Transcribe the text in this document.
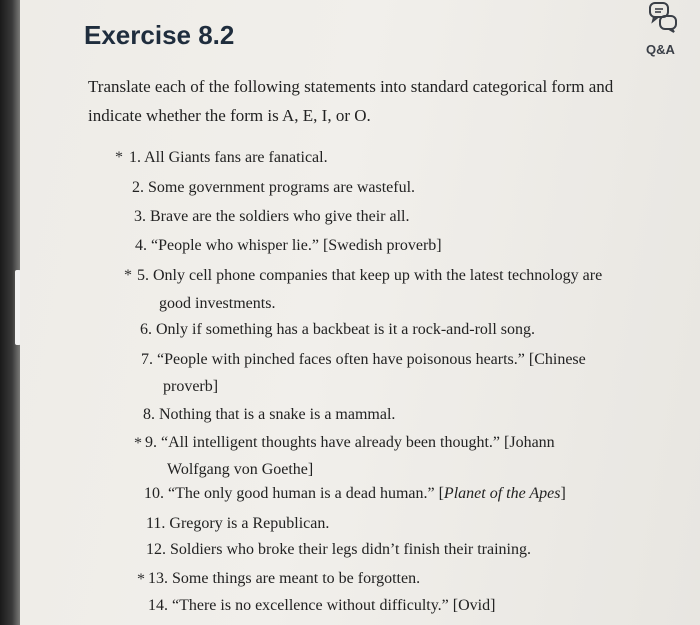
Exercise 8.2	Q&A
Translate each of the following statements into standard categorical form and indicate whether the form is A, E, I, or O.
* 1. All Giants fans are fanatical.
2. Some government programs are wasteful.
3. Brave are the soldiers who give their all.
4. “People who whisper lie.” [Swedish proverb]
* 5. Only cell phone companies that keep up with the latest technology are
good investments.
6. Only if something has a backbeat is it a rock-and-roll song.
7. “People with pinched faces often have poisonous hearts.” [Chinese
proverb]
8. Nothing that is a snake is a mammal.
* 9. “All intelligent thoughts have already been thought.” [Johann
Wolfgang von Goethe]
10. “The only good human is a dead human.” [Planet of the Apes]
11. Gregory is a Republican.
12. Soldiers who broke their legs didn’t finish their training.
* 13. Some things are meant to be forgotten.
14. “There is no excellence without difficulty.” [Ovid]
